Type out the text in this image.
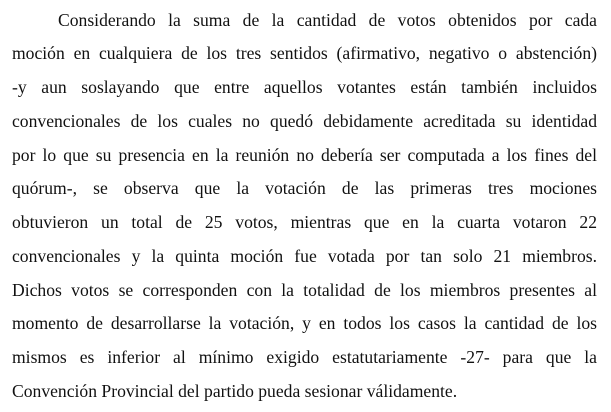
Considerando la suma de la cantidad de votos obtenidos por cada
moción en cualquiera de los tres sentidos (afirmativo, negativo o abstención)
-y aun soslayando que entre aquellos votantes están también incluidos
convencionales de los cuales no quedó debidamente acreditada su identidad
por lo que su presencia en la reunión no debería ser computada a los fines del
quórum-, se observa que la votación de las primeras tres mociones
obtuvieron un total de 25 votos, mientras que en la cuarta votaron 22
convencionales y la quinta moción fue votada por tan solo 21 miembros.
Dichos votos se corresponden con la totalidad de los miembros presentes al
momento de desarrollarse la votación, y en todos los casos la cantidad de los
mismos es inferior al mínimo exigido estatutariamente -27- para que la
Convención Provincial del partido pueda sesionar válidamente.
